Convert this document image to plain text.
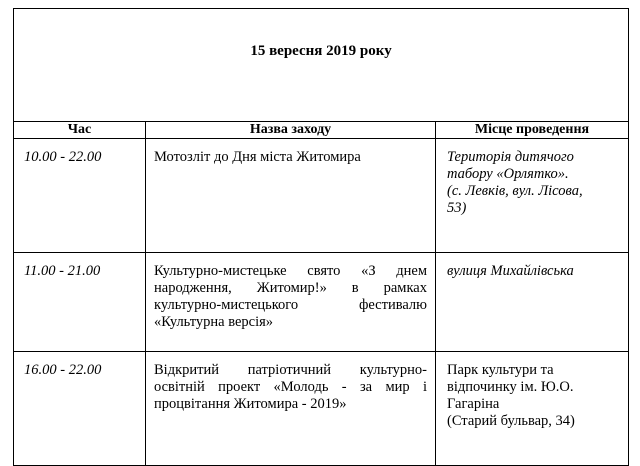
15 вересня 2019 року		
Час	Назва заходу	Місце проведення
10.00 - 22.00	Мотозліт до Дня міста Житомира	Територія дитячого
табору «Орлятко».
(с. Левків, вул. Лісова,
53)

11.00 - 21.00	Культурно-мистецьке свято «З днем народження, Житомир!» в рамках культурно-мистецького фестивалю «Культурна версія»	вулиця Михайлівська

16.00 - 22.00	Відкритий патріотичний культурно-освітній проект «Молодь - за мир і процвітання Житомира - 2019»	Парк культури та
відпочинку ім. Ю.О.
Гагаріна
(Старий бульвар, 34)
